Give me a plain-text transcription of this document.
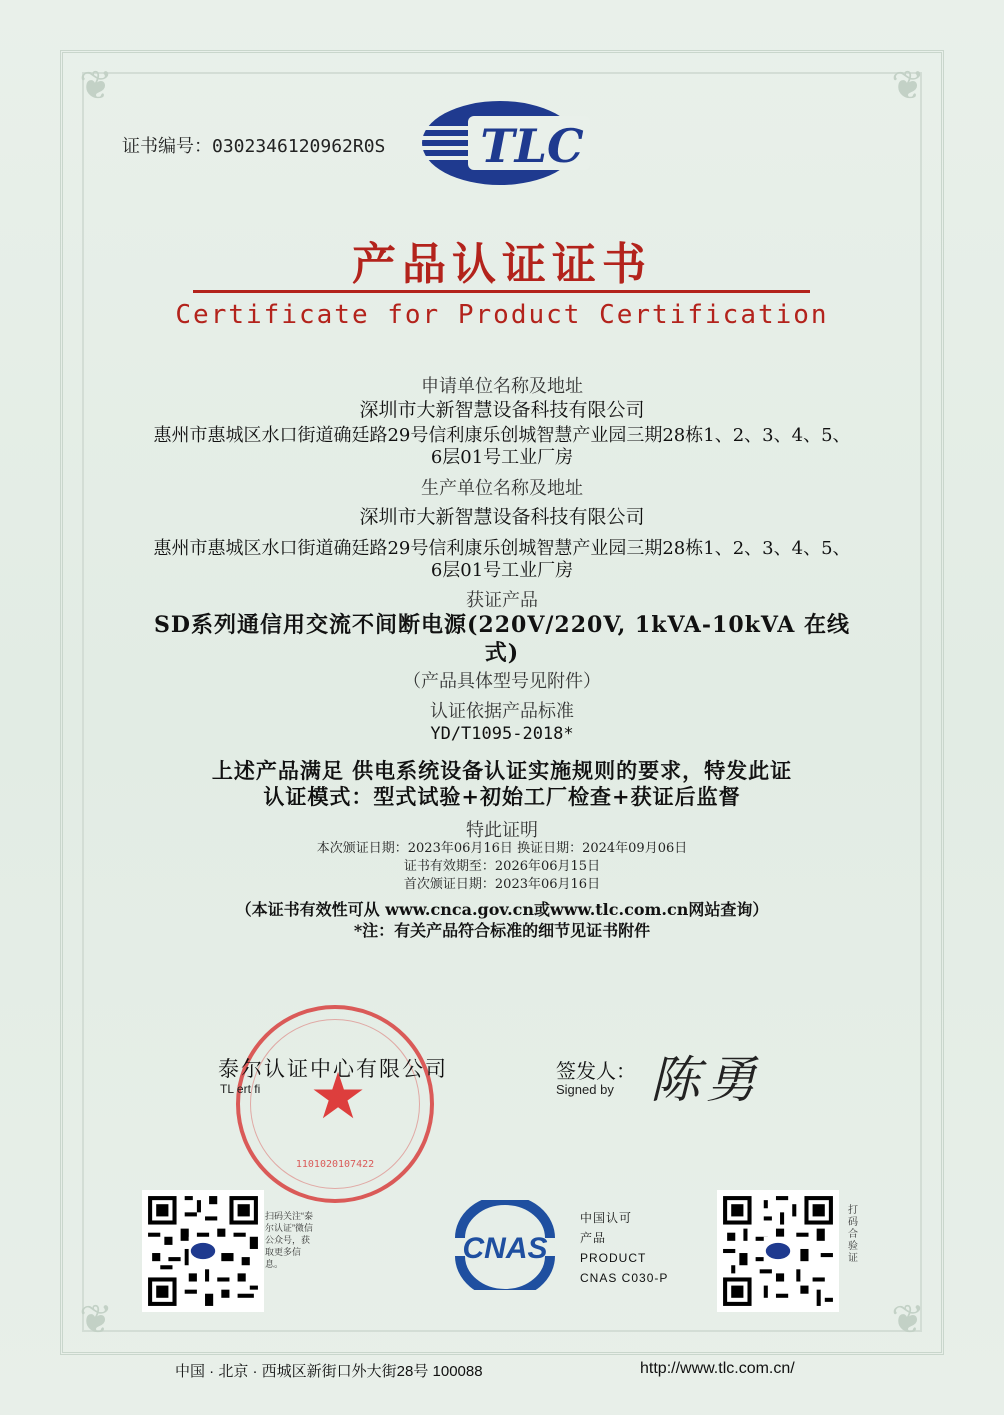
❦	❦
❦	❦
证书编号：0302346120962R0S TLC
产品认证证书
Certificate for Product Certification
申请单位名称及地址
深圳市大新智慧设备科技有限公司
惠州市惠城区水口街道确廷路29号信利康乐创城智慧产业园三期28栋1、2、3、4、5、
6层01号工业厂房
生产单位名称及地址
深圳市大新智慧设备科技有限公司
惠州市惠城区水口街道确廷路29号信利康乐创城智慧产业园三期28栋1、2、3、4、5、
6层01号工业厂房
获证产品
SD系列通信用交流不间断电源(220V/220V, 1kVA-10kVA 在线
式)
（产品具体型号见附件）
认证依据产品标准
YD/T1095-2018*
上述产品满足 供电系统设备认证实施规则的要求，特发此证
认证模式：型式试验+初始工厂检查+获证后监督
特此证明
本次颁证日期：2023年06月16日 换证日期：2024年09月06日
证书有效期至：2026年06月15日
首次颁证日期：2023年06月16日
（本证书有效性可从 www.cnca.gov.cn或www.tlc.com.cn网站查询）
*注：有关产品符合标准的细节见证书附件
★
1101020107422
泰尔认证中心有限公司
TL ert fi
签发人：
Signed by 陈勇
扫码关注“泰尔认证”微信公众号，获取更多信息。	CNAS
中国认可
产品
PRODUCT
CNAS C030-P
打码合验证
中国 · 北京 · 西城区新街口外大街28号 100088	http://www.tlc.com.cn/
